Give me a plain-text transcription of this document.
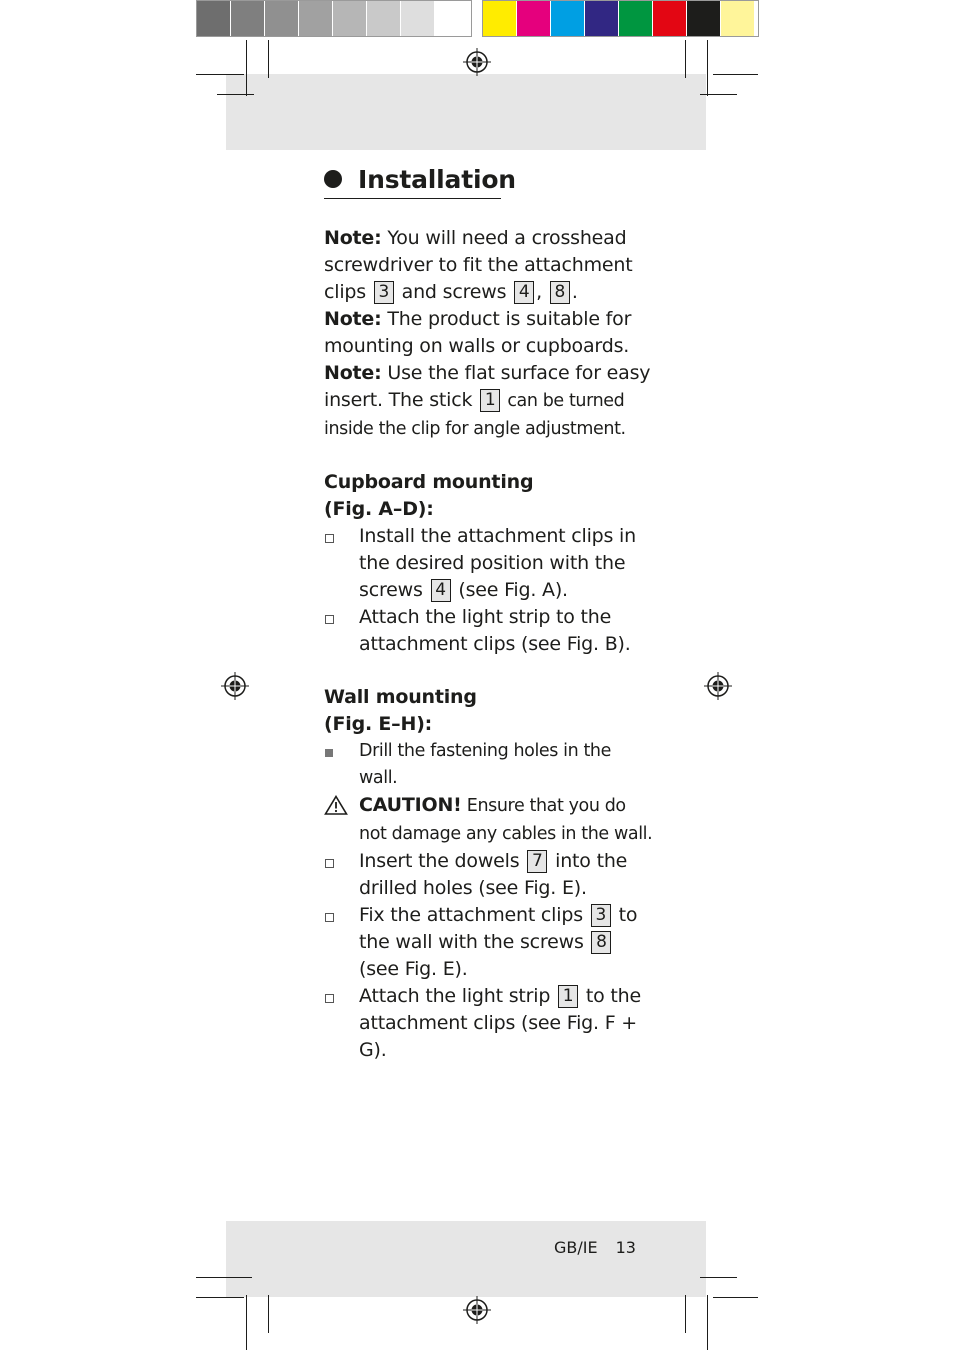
Installation

Note: You will need a crosshead screwdriver to fit the attachment clips 3 and screws 4 , 8 .

Note: The product is suitable for mounting on walls or cupboards.

Note: Use the flat surface for easy insert. The stick 1 can be turned inside the clip for angle adjustment.

Cupboard mounting
(Fig. A–D):

Install the attachment clips in the desired position with the screws 4 (see Fig. A).

Attach the light strip to the attachment clips (see Fig. B).

Wall mounting
(Fig. E–H):

Drill the fastening holes in the wall.

CAUTION! Ensure that you do not damage any cables in the wall.

Insert the dowels 7 into the drilled holes (see Fig. E).

Fix the attachment clips 3 to the wall with the screws 8 (see Fig. E).

Attach the light strip 1 to the attachment clips (see Fig. F + G).

GB/IE 13
